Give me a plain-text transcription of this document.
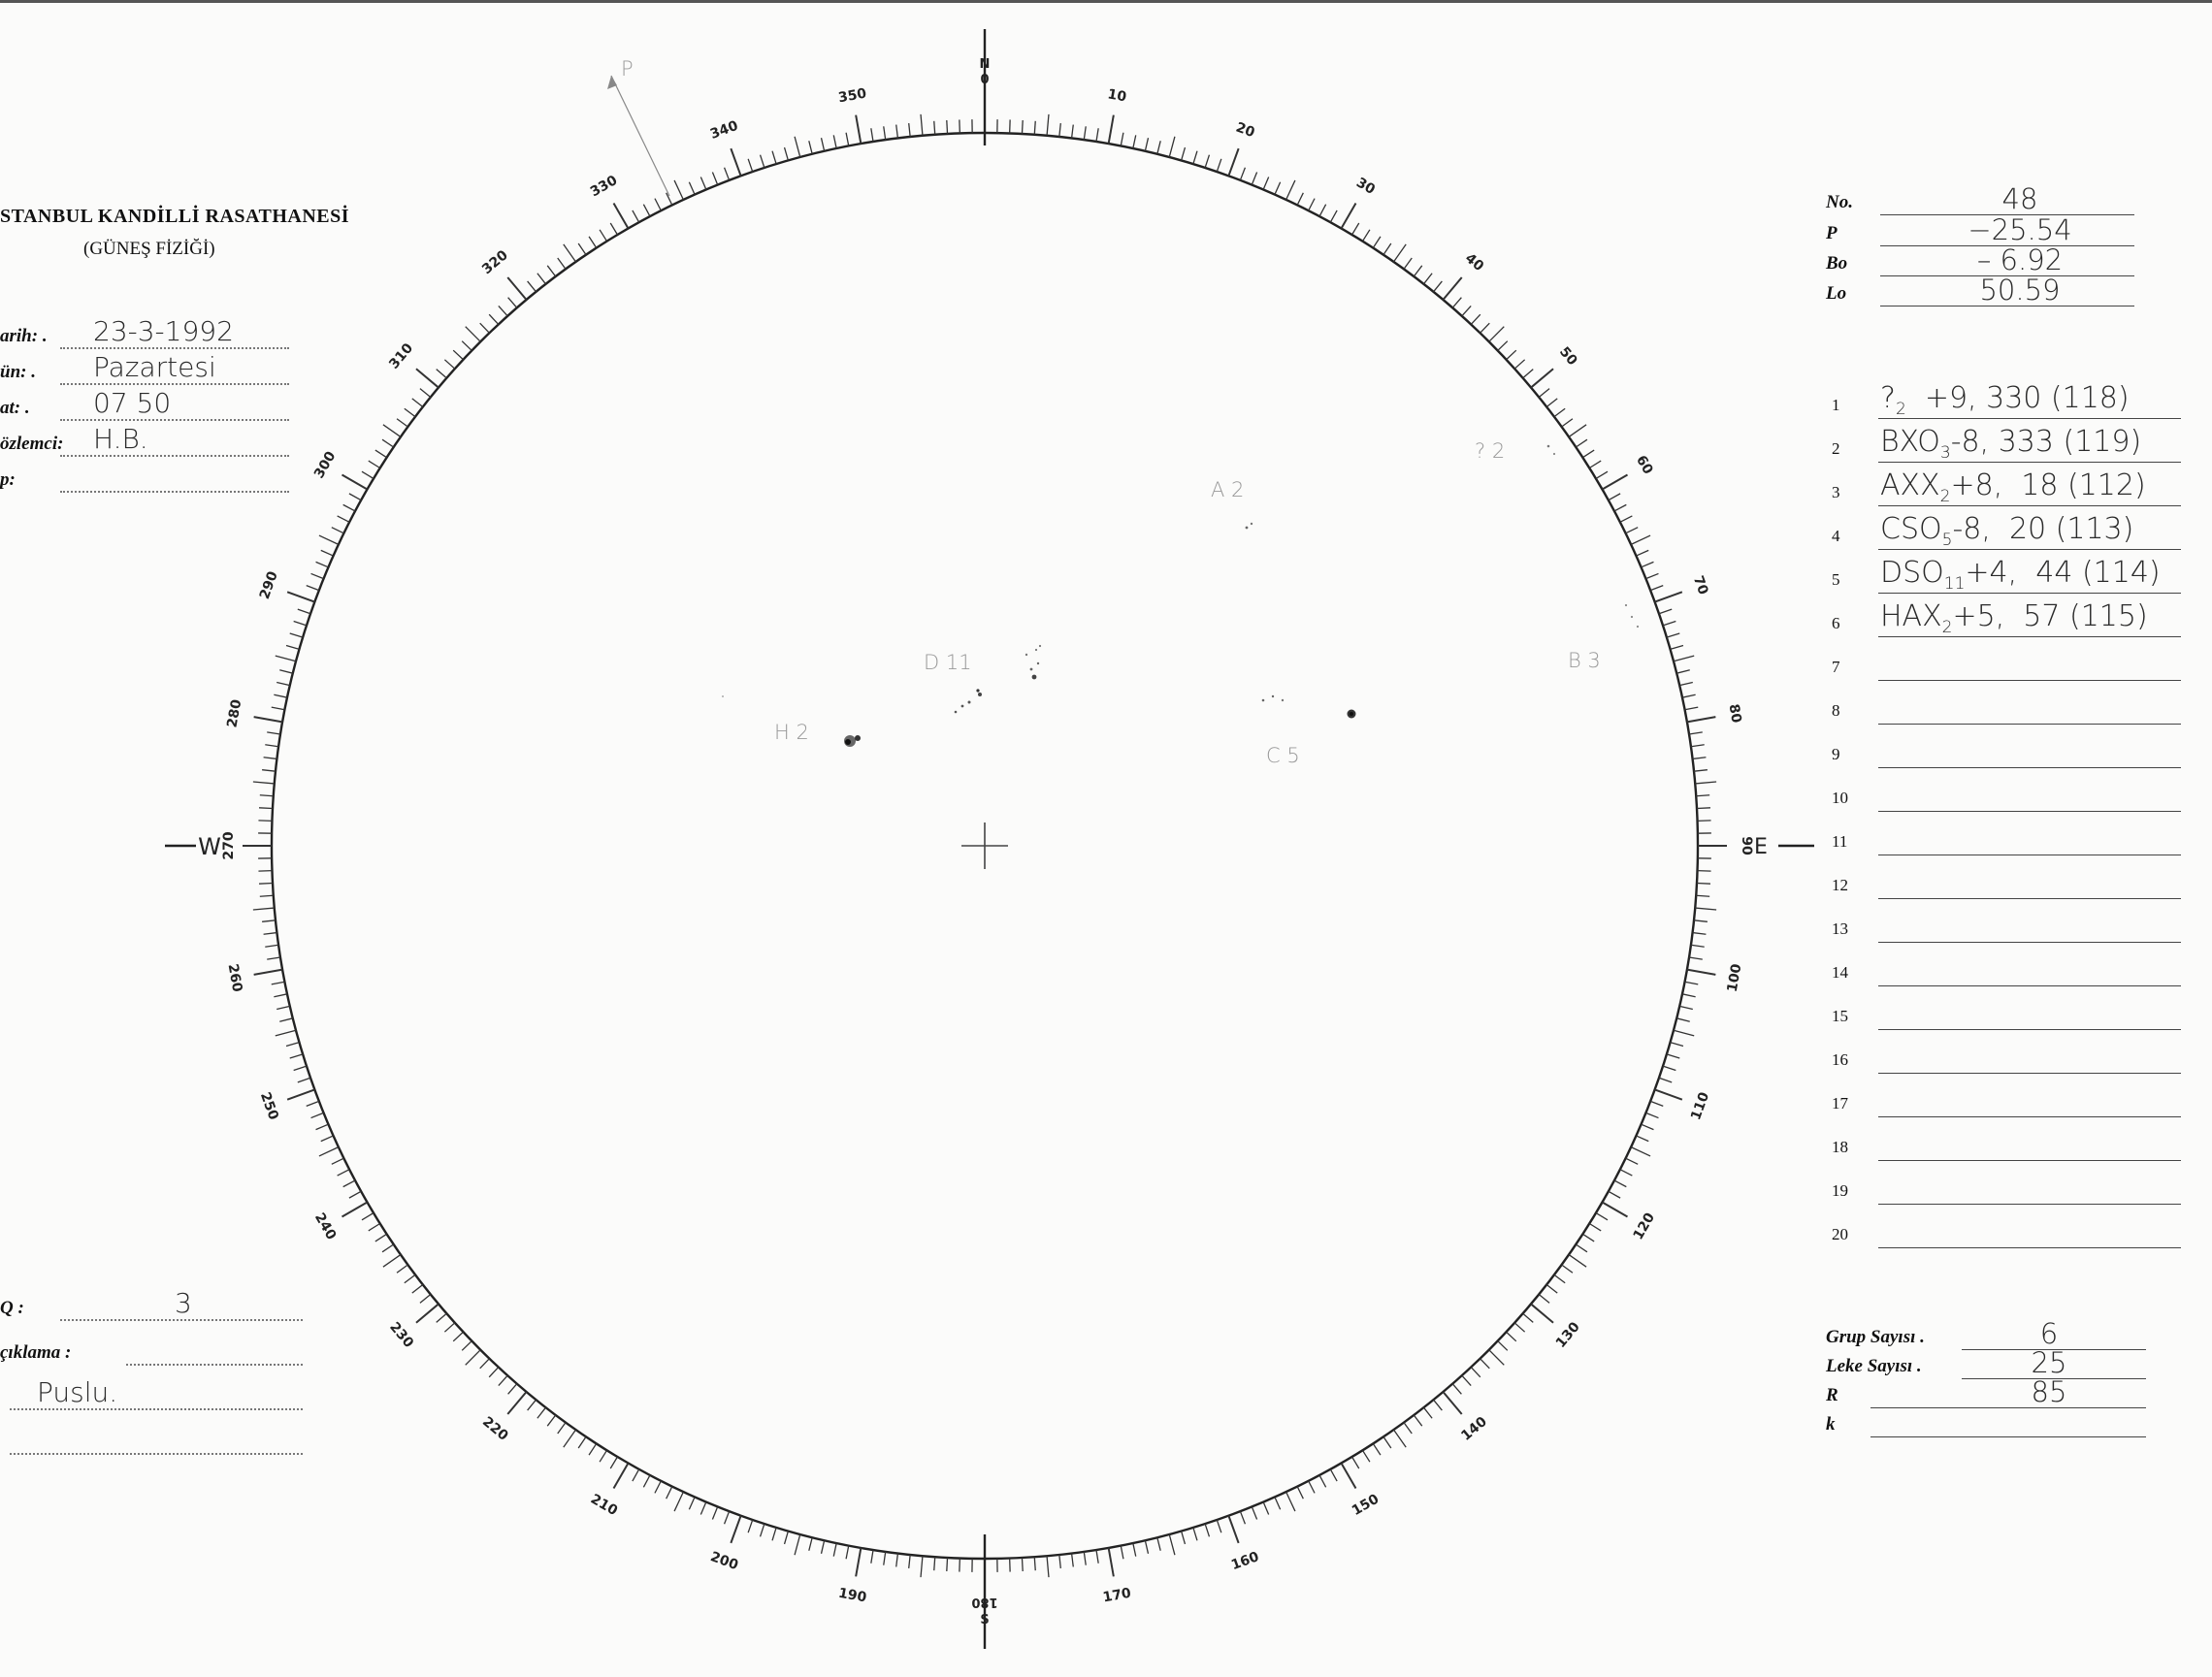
10
20
30
40
50
60
70
80
100
110
120
130
140
150
160
170
190
200
210
220
230
240
250
260
280
290
300
310
320
330
340
350
N
0
180
S
W 270	90 E
P
? 2
A 2
B 3
C 5
D 11
H 2
STANBUL KANDİLLİ RASATHANESİ
(GÜNEŞ FİZİĞİ)
arih: . 23-3-1992
ün: . Pazartesi
at: . 07 50
özlemci: H.B.
p:
Q :	3
çıklama :
Puslu.
No.	48
P	−25.54
Bo	– 6.92
Lo	50.59
1 $?_2 +9$, 330 (118)
2 $BXO_3-8$, 333 (119)
3 $AXX_2+8$,  18 (112)
4 $CSO_5-8$,  20 (113)
5 $DSO_{11}+4$,  44 (114)
6 $HAX_2+5$,  57 (115)
7
8
9
10
11
12
13
14
15
16
17
18
19
20
Grup Sayısı .	6
Leke Sayısı .	25
R	85
k
